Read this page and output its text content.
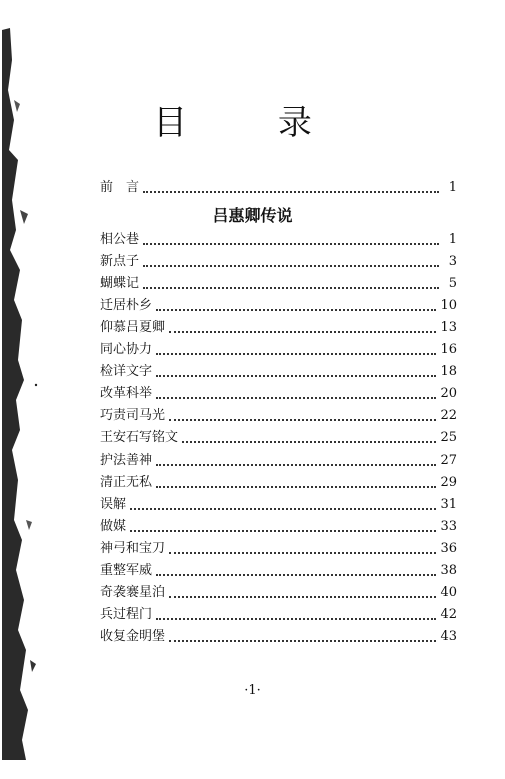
目 录
前　言	1
吕惠卿传说
相公巷	1
新点子	3
蝴蝶记	5
迁居朴乡	10
仰慕吕夏卿	13
同心协力	16
检详文字	18
改革科举	20
巧责司马光	22
王安石写铭文	25
护法善神	27
清正无私	29
误解	31
做媒	33
神弓和宝刀	36
重整军威	38
奇袭褰星泊	40
兵过程门	42
收复金明堡	43
·1·
